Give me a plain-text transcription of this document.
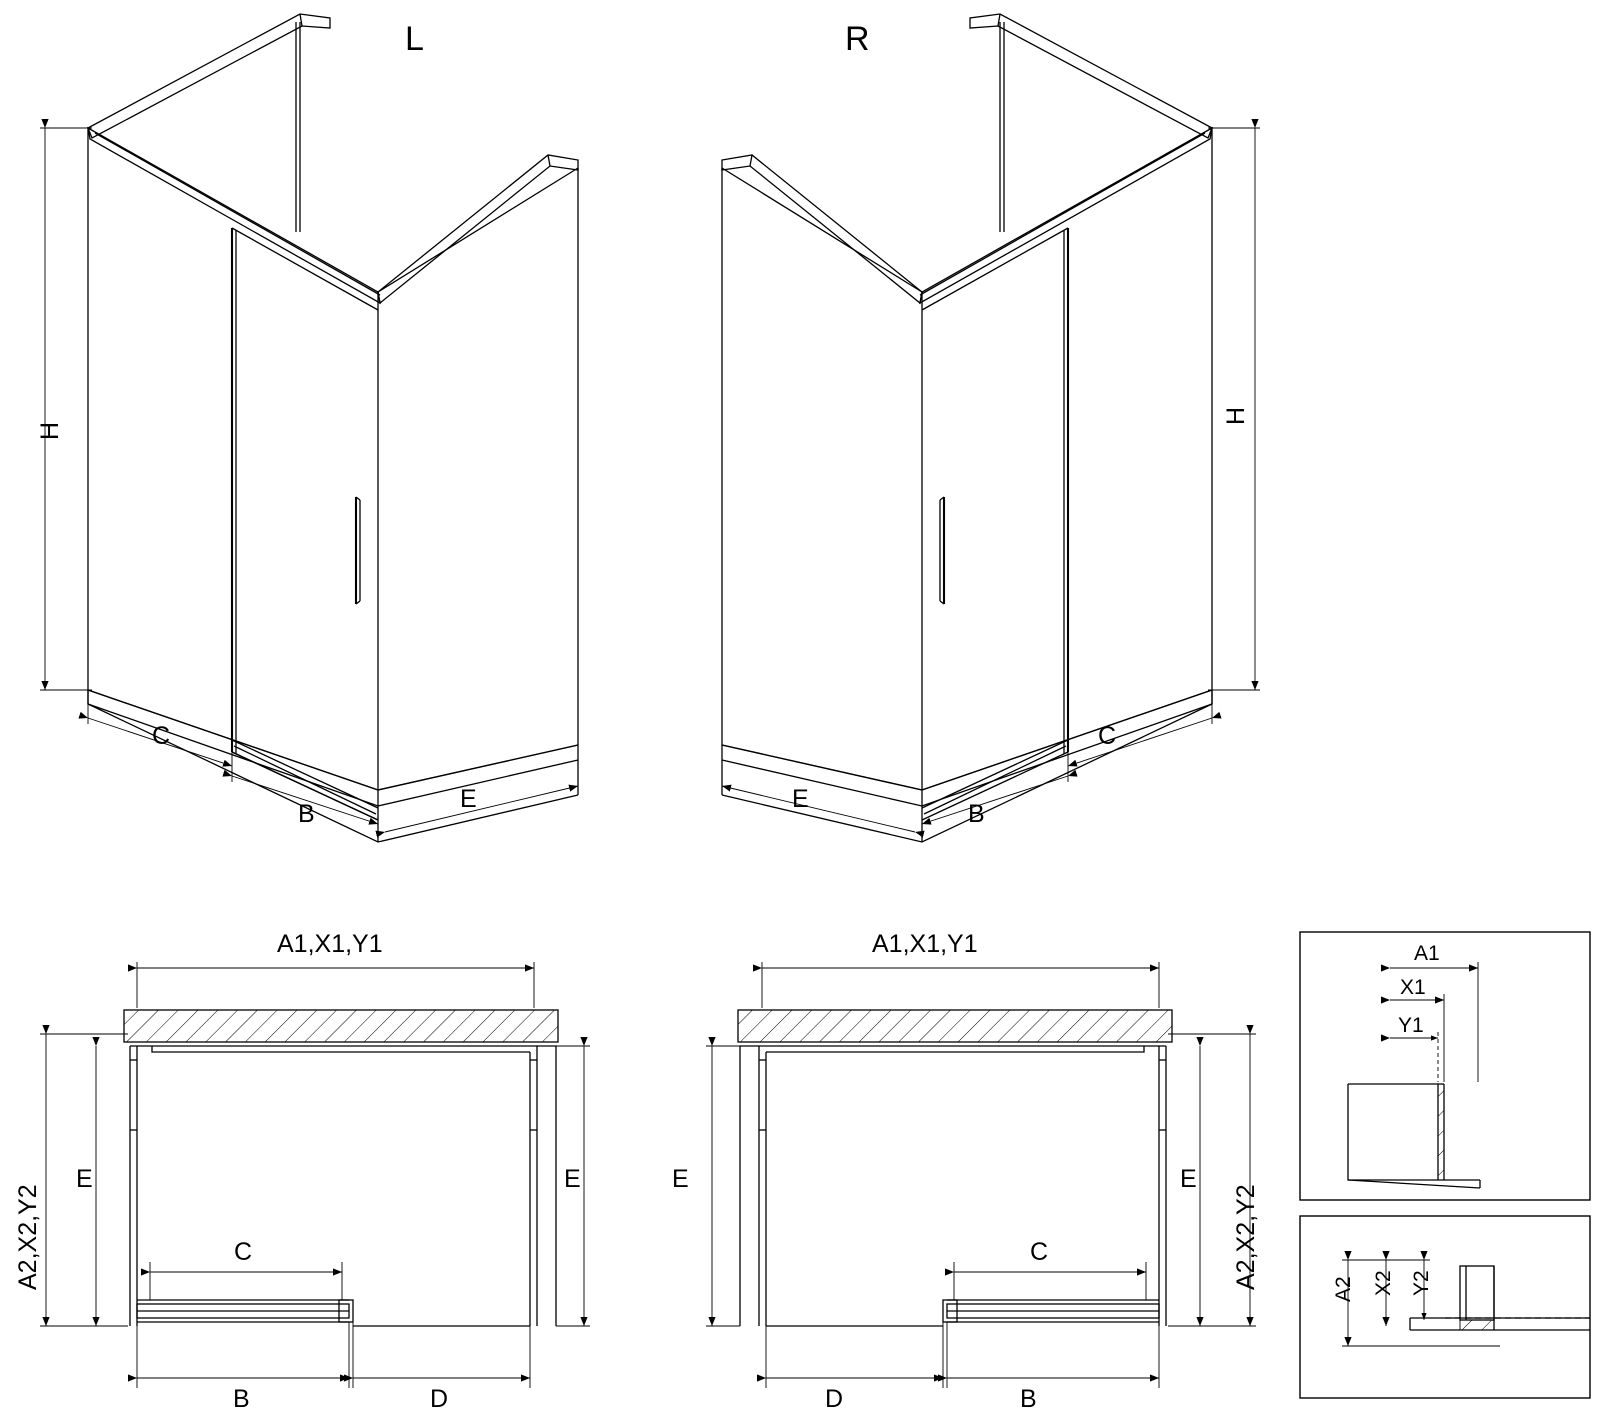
L	R
H
C
B
E
H
C
B
E
A1,X1,Y1
A2,X2,Y2
E	E
C
B	D
A1,X1,Y1
A2,X2,Y2
E	E
C
B
D
A1
X1
Y1
A2 X2 Y2
